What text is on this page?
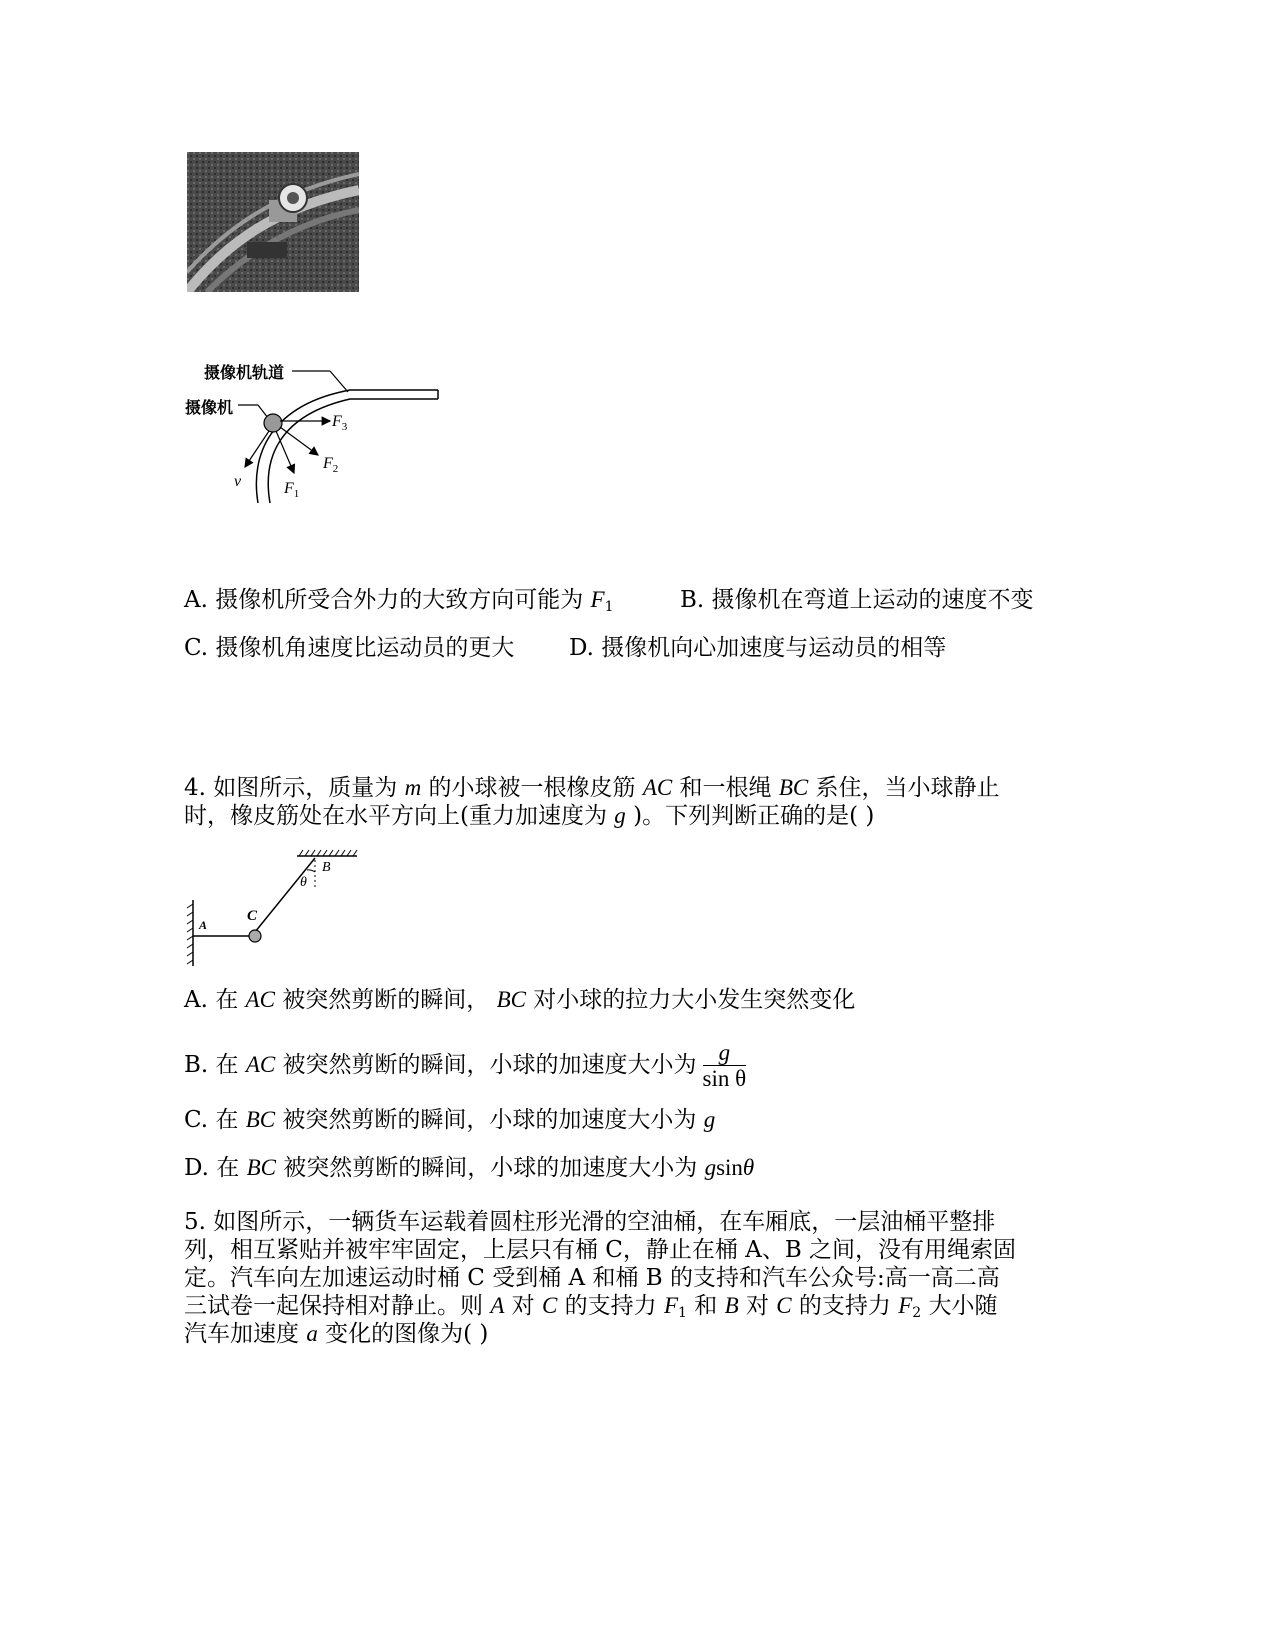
摄像机轨道
摄像机
$F_3$
$F_2$
$F_1$
v
A. 摄像机所受合外力的大致方向可能为 $F_1$	B. 摄像机在弯道上运动的速度不变
C. 摄像机角速度比运动员的更大 D. 摄像机向心加速度与运动员的相等
4. 如图所示，质量为 m 的小球被一根橡皮筋 AC 和一根绳 BC 系住，当小球静止
时，橡皮筋处在水平方向上(重力加速度为 g )。下列判断正确的是( )
A
B
C
θ
A. 在 AC 被突然剪断的瞬间， BC 对小球的拉力大小发生突然变化
B. 在 AC 被突然剪断的瞬间，小球的加速度大小为 $\frac{g}{\text{sin θ}}$
C. 在 BC 被突然剪断的瞬间，小球的加速度大小为 g
D. 在 BC 被突然剪断的瞬间，小球的加速度大小为 gsinθ
5. 如图所示，一辆货车运载着圆柱形光滑的空油桶，在车厢底，一层油桶平整排
列，相互紧贴并被牢牢固定，上层只有桶 C，静止在桶 A、B 之间，没有用绳索固
定。汽车向左加速运动时桶 C 受到桶 A 和桶 B 的支持和汽车公众号:高一高二高
三试卷一起保持相对静止。则 A 对 C 的支持力 $F_1$ 和 B 对 C 的支持力 $F_2$ 大小随
汽车加速度 a 变化的图像为( )
